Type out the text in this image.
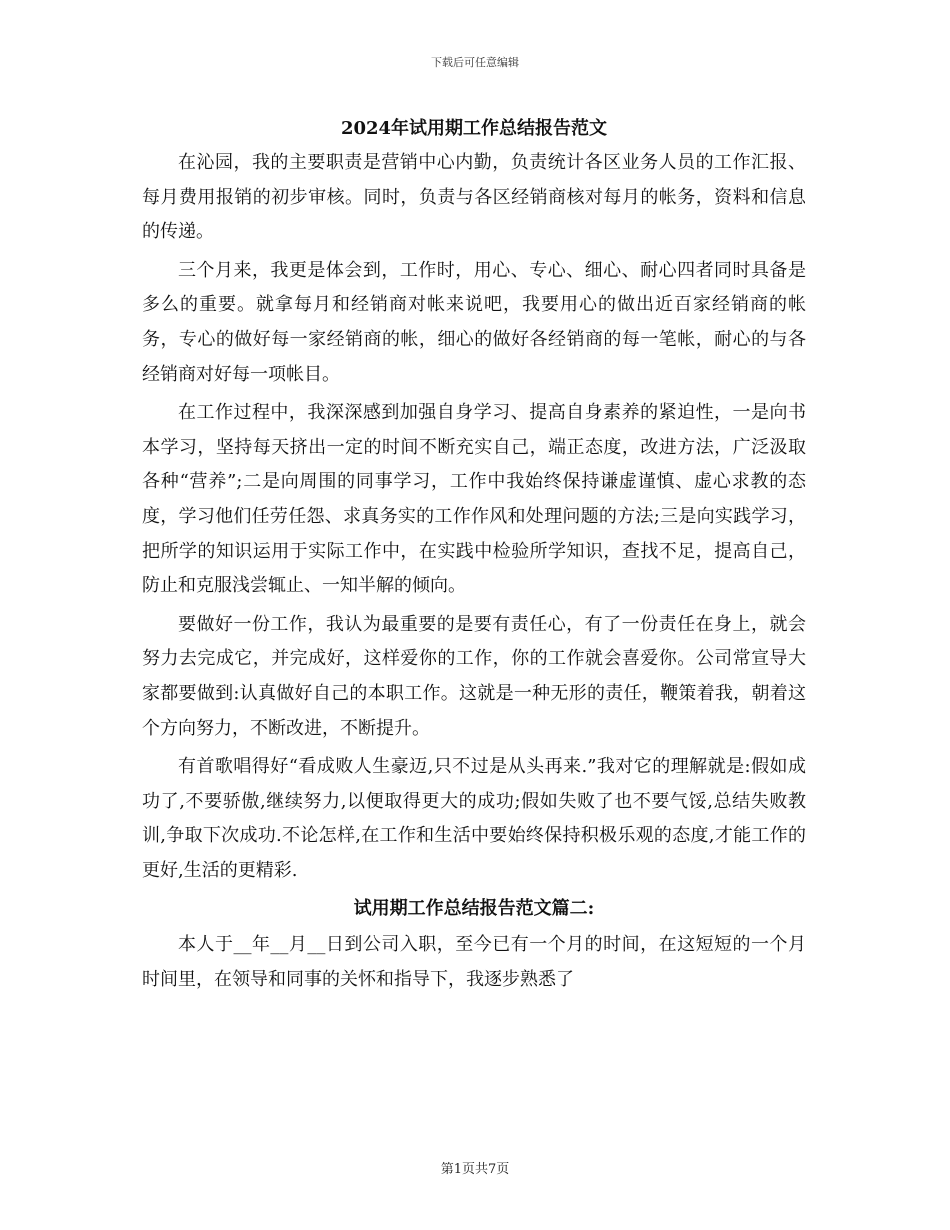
下载后可任意编辑
2024年试用期工作总结报告范文

在沁园，我的主要职责是营销中心内勤，负责统计各区业务人员的工作汇报、每月费用报销的初步审核。同时，负责与各区经销商核对每月的帐务，资料和信息的传递。

三个月来，我更是体会到，工作时，用心、专心、细心、耐心四者同时具备是多么的重要。就拿每月和经销商对帐来说吧，我要用心的做出近百家经销商的帐务，专心的做好每一家经销商的帐，细心的做好各经销商的每一笔帐，耐心的与各经销商对好每一项帐目。

在工作过程中，我深深感到加强自身学习、提高自身素养的紧迫性，一是向书本学习，坚持每天挤出一定的时间不断充实自己，端正态度，改进方法，广泛汲取各种“营养”;二是向周围的同事学习，工作中我始终保持谦虚谨慎、虚心求教的态度，学习他们任劳任怨、求真务实的工作作风和处理问题的方法;三是向实践学习，把所学的知识运用于实际工作中，在实践中检验所学知识，查找不足，提高自己，防止和克服浅尝辄止、一知半解的倾向。

要做好一份工作，我认为最重要的是要有责任心，有了一份责任在身上，就会努力去完成它，并完成好，这样爱你的工作，你的工作就会喜爱你。公司常宣导大家都要做到:认真做好自己的本职工作。这就是一种无形的责任，鞭策着我，朝着这个方向努力，不断改进，不断提升。

有首歌唱得好“看成败人生豪迈,只不过是从头再来.”我对它的理解就是:假如成功了,不要骄傲,继续努力,以便取得更大的成功;假如失败了也不要气馁,总结失败教训,争取下次成功.不论怎样,在工作和生活中要始终保持积极乐观的态度,才能工作的更好,生活的更精彩.

试用期工作总结报告范文篇二:

本人于__年__月__日到公司入职，至今已有一个月的时间，在这短短的一个月时间里，在领导和同事的关怀和指导下，我逐步熟悉了

第1页共7页
